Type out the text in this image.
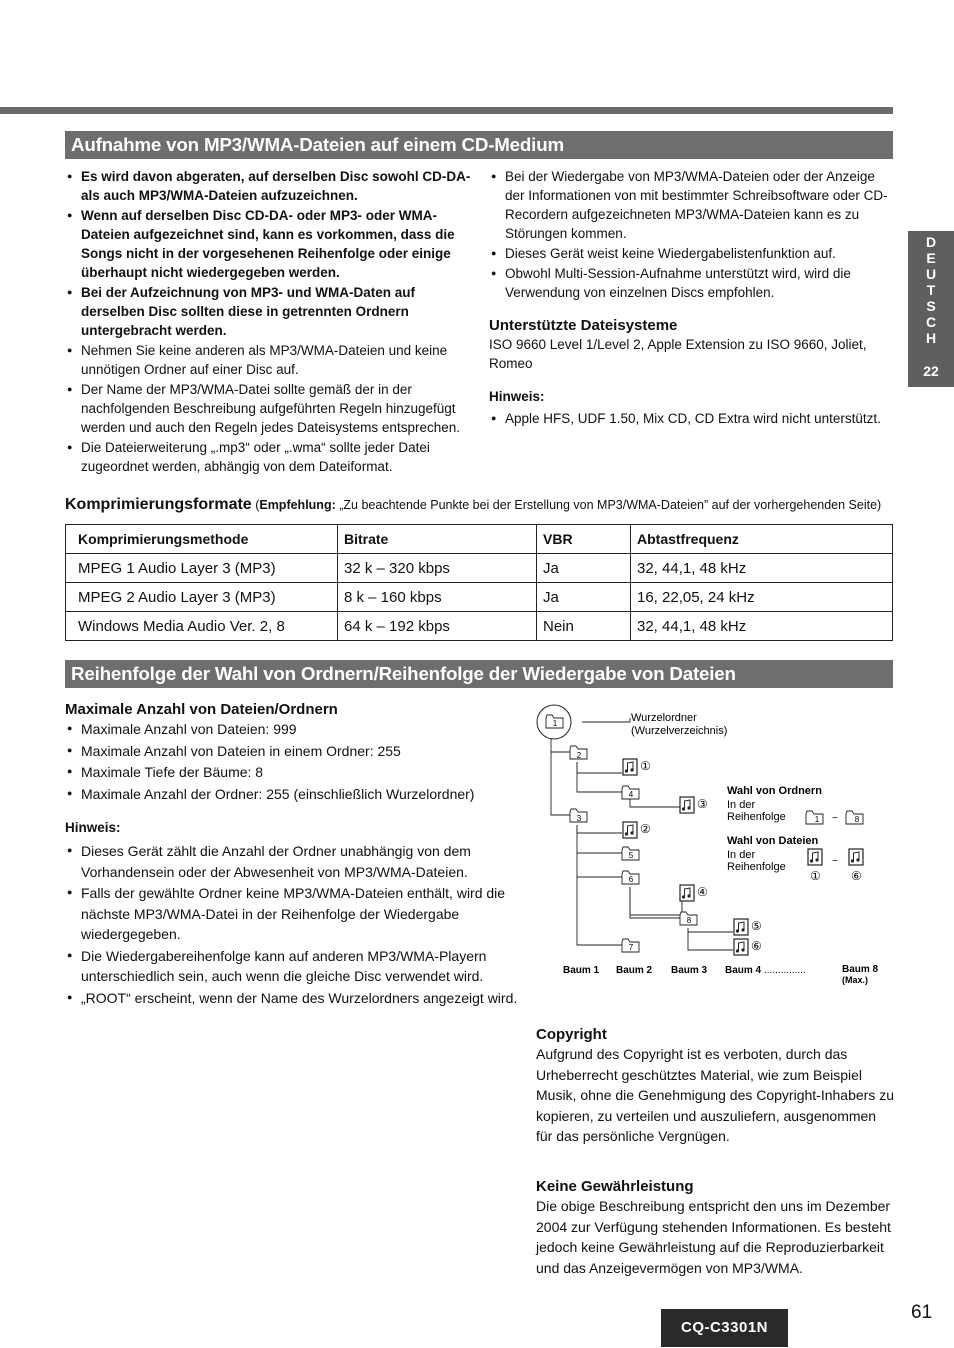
Aufnahme von MP3/WMA-Dateien auf einem CD-Medium
● Es wird davon abgeraten, auf derselben Disc sowohl CD-DA- als auch MP3/WMA-Dateien aufzuzeichnen.
● Wenn auf derselben Disc CD-DA- oder MP3- oder WMA-Dateien aufgezeichnet sind, kann es vorkommen, dass die Songs nicht in der vorgesehenen Reihenfolge oder einige überhaupt nicht wiedergegeben werden.
● Bei der Aufzeichnung von MP3- und WMA-Daten auf derselben Disc sollten diese in getrennten Ordnern untergebracht werden.
● Nehmen Sie keine anderen als MP3/WMA-Dateien und keine unnötigen Ordner auf einer Disc auf.
● Der Name der MP3/WMA-Datei sollte gemäß der in der nachfolgenden Beschreibung aufgeführten Regeln hinzugefügt werden und auch den Regeln jedes Dateisystems entsprechen.
● Die Dateierweiterung „.mp3“ oder „.wma“ sollte jeder Datei zugeordnet werden, abhängig von dem Dateiformat.
● Bei der Wiedergabe von MP3/WMA-Dateien oder der Anzeige der Informationen von mit bestimmter Schreibsoftware oder CD-Recordern aufgezeichneten MP3/WMA-Dateien kann es zu Störungen kommen.
● Dieses Gerät weist keine Wiedergabelistenfunktion auf.
● Obwohl Multi-Session-Aufnahme unterstützt wird, wird die Verwendung von einzelnen Discs empfohlen.
Unterstützte Dateisysteme
ISO 9660 Level 1/Level 2, Apple Extension zu ISO 9660, Joliet, Romeo
Hinweis:
● Apple HFS, UDF 1.50, Mix CD, CD Extra wird nicht unterstützt.
D
E
U
T
S
C
H
22
Komprimierungsformate (Empfehlung: „Zu beachtende Punkte bei der Erstellung von MP3/WMA-Dateien” auf der vorhergehenden Seite)
Komprimierungsmethode	Bitrate	VBR	Abtastfrequenz
MPEG 1 Audio Layer 3 (MP3)	32 k – 320 kbps	Ja	32, 44,1, 48 kHz
MPEG 2 Audio Layer 3 (MP3)	8 k – 160 kbps	Ja	16, 22,05, 24 kHz
Windows Media Audio Ver. 2, 8	64 k – 192 kbps	Nein	32, 44,1, 48 kHz
Reihenfolge der Wahl von Ordnern/Reihenfolge der Wiedergabe von Dateien
Maximale Anzahl von Dateien/Ordnern
● Maximale Anzahl von Dateien: 999
● Maximale Anzahl von Dateien in einem Ordner: 255
● Maximale Tiefe der Bäume: 8
● Maximale Anzahl der Ordner: 255 (einschließlich Wurzelordner)
Hinweis:
● Dieses Gerät zählt die Anzahl der Ordner unabhängig von dem Vorhandensein oder der Abwesenheit von MP3/WMA-Dateien.
● Falls der gewählte Ordner keine MP3/WMA-Dateien enthält, wird die nächste MP3/WMA-Datei in der Reihenfolge der Wiedergabe wiedergegeben.
● Die Wiedergabereihenfolge kann auf anderen MP3/WMA-Playern unterschiedlich sein, auch wenn die gleiche Disc verwendet wird.
● „ROOT“ erscheint, wenn der Name des Wurzelordners angezeigt wird.
1	Wurzelordner
(Wurzelverzeichnis)
2
①
4
③
3
②
5
6
④
8	⑤
⑥
7
Wahl von Ordnern
In der
Reihenfolge	1 ~ 8
Wahl von Dateien
In der
Reihenfolge
①
~
⑥
Baum 1 Baum 2 Baum 3 Baum 4 ...............	Baum 8
(Max.)
Copyright
Aufgrund des Copyright ist es verboten, durch das Urheberrecht geschütztes Material, wie zum Beispiel Musik, ohne die Genehmigung des Copyright-Inhabers zu kopieren, zu verteilen und auszuliefern, ausgenommen für das persönliche Vergnügen.
Keine Gewährleistung
Die obige Beschreibung entspricht den uns im Dezember 2004 zur Verfügung stehenden Informationen. Es besteht jedoch keine Gewährleistung auf die Reproduzierbarkeit und das Anzeigevermögen von MP3/WMA.
CQ-C3301N
61
